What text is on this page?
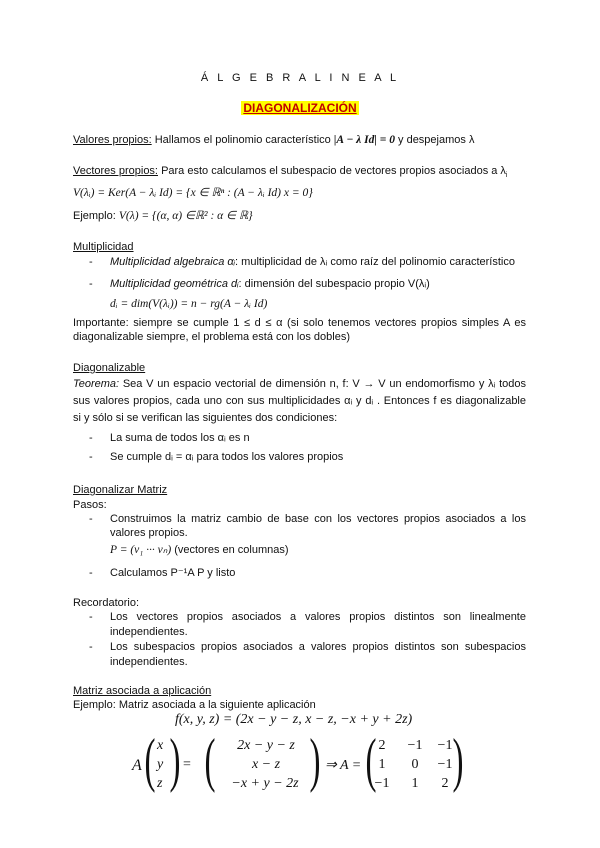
Á L G E B R A L I N E A L
DIAGONALIZACIÓN
Valores propios: Hallamos el polinomio característico |A − λ Id| = 0 y despejamos λ
Vectores propios: Para esto calculamos el subespacio de vectores propios asociados a $\lambda_i$
V(λᵢ) = Ker(A − λᵢ Id) = {x ∈ ℝⁿ : (A − λᵢ Id) x = 0}
Ejemplo: V(λ) = {(α, α) ∈ℝ² : α ∈ ℝ}
Multiplicidad
- Multiplicidad algebraica αᵢ: multiplicidad de λᵢ como raíz del polinomio característico
- Multiplicidad geométrica dᵢ: dimensión del subespacio propio V(λᵢ)
dᵢ = dim(V(λᵢ)) = n − rg(A − λᵢ Id)
Importante: siempre se cumple 1 ≤ d ≤ α (si solo tenemos vectores propios simples A es diagonalizable siempre, el problema está con los dobles)
Diagonalizable
Teorema: Sea V un espacio vectorial de dimensión n, f: V → V un endomorfismo y λᵢ todos sus valores propios, cada uno con sus multiplicidades αᵢ y dᵢ . Entonces f es diagonalizable si y sólo si se verifican las siguientes dos condiciones:
- La suma de todos los αᵢ es n
- Se cumple dᵢ = αᵢ para todos los valores propios
Diagonalizar Matriz
Pasos:
- Construimos la matriz cambio de base con los vectores propios asociados a los valores propios.
P = (v₁ ··· vₙ) (vectores en columnas)
- Calculamos P⁻¹A P y listo
Recordatorio:
- Los vectores propios asociados a valores propios distintos son linealmente independientes.
- Los subespacios propios asociados a valores propios distintos son subespacios independientes.
Matriz asociada a aplicación
Ejemplo: Matriz asociada a la siguiente aplicación
f(x, y, z) = (2x − y − z, x − z, −x + y + 2z)
A ( )
x
y
z
= ( )
2x − y − z
x − z
−x + y − 2z
⇒ A = ( )
2	−1	−1
1	0	−1
−1	1	2
